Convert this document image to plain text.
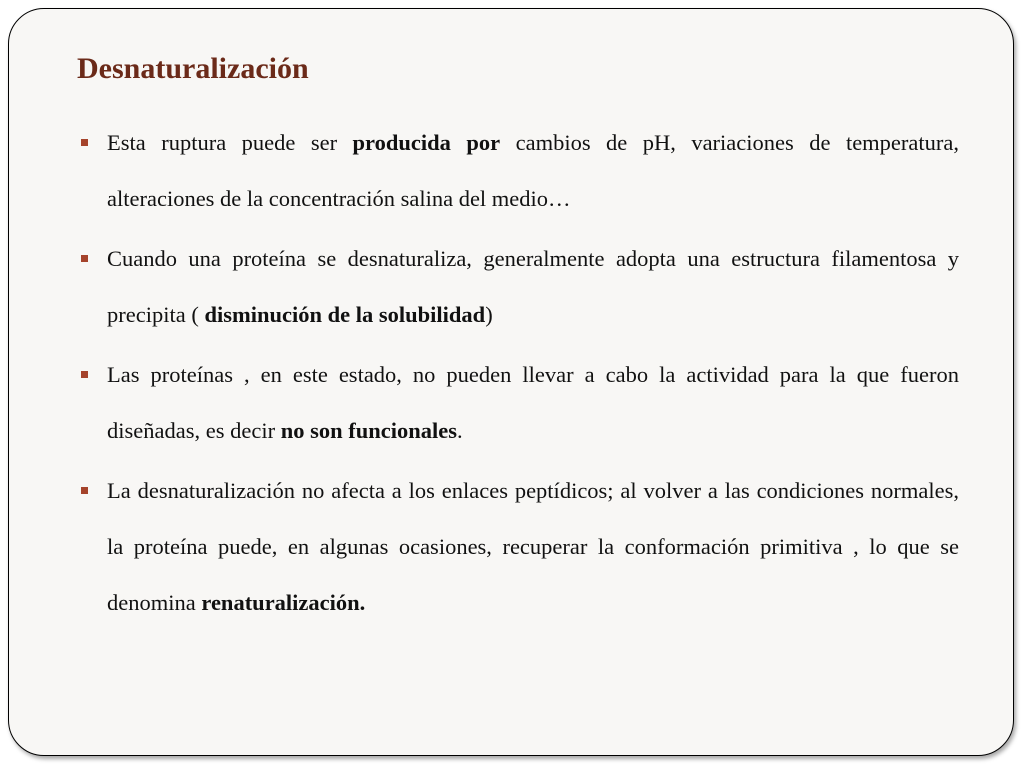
Desnaturalización
Esta ruptura puede ser producida por cambios de pH, variaciones de temperatura, alteraciones de la concentración salina del medio…
Cuando una proteína se desnaturaliza, generalmente adopta una estructura filamentosa y precipita ( disminución de la solubilidad)
Las proteínas , en este estado, no pueden llevar a cabo la actividad para la que fueron diseñadas, es decir no son funcionales.
La desnaturalización no afecta a los enlaces peptídicos; al volver a las condiciones normales, la proteína puede, en algunas ocasiones, recuperar la conformación primitiva , lo que se denomina renaturalización.
